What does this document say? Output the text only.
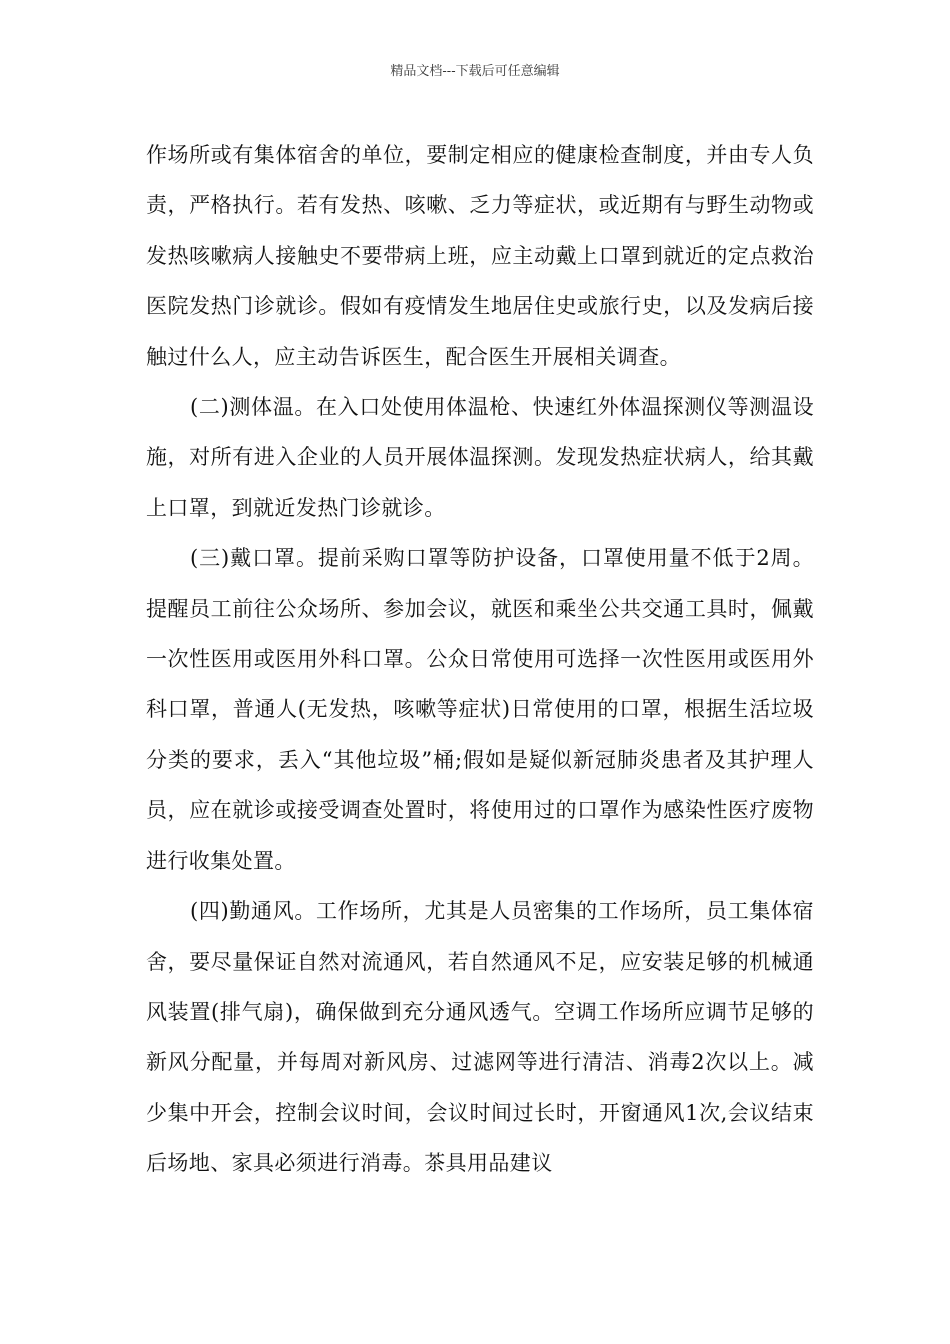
精品文档---下载后可任意编辑

作场所或有集体宿舍的单位，要制定相应的健康检查制度，并由专人负责，严格执行。若有发热、咳嗽、乏力等症状，或近期有与野生动物或发热咳嗽病人接触史不要带病上班，应主动戴上口罩到就近的定点救治医院发热门诊就诊。假如有疫情发生地居住史或旅行史，以及发病后接触过什么人，应主动告诉医生，配合医生开展相关调查。

(二)测体温。在入口处使用体温枪、快速红外体温探测仪等测温设施，对所有进入企业的人员开展体温探测。发现发热症状病人，给其戴上口罩，到就近发热门诊就诊。

(三)戴口罩。提前采购口罩等防护设备，口罩使用量不低于2周。提醒员工前往公众场所、参加会议，就医和乘坐公共交通工具时，佩戴一次性医用或医用外科口罩。公众日常使用可选择一次性医用或医用外科口罩，普通人(无发热，咳嗽等症状)日常使用的口罩，根据生活垃圾分类的要求，丢入“其他垃圾”桶;假如是疑似新冠肺炎患者及其护理人员，应在就诊或接受调查处置时，将使用过的口罩作为感染性医疗废物进行收集处置。

(四)勤通风。工作场所，尤其是人员密集的工作场所，员工集体宿舍，要尽量保证自然对流通风，若自然通风不足，应安装足够的机械通风装置(排气扇)，确保做到充分通风透气。空调工作场所应调节足够的新风分配量，并每周对新风房、过滤网等进行清洁、消毒2次以上。减少集中开会，控制会议时间，会议时间过长时，开窗通风1次,会议结束后场地、家具必须进行消毒。茶具用品建议
